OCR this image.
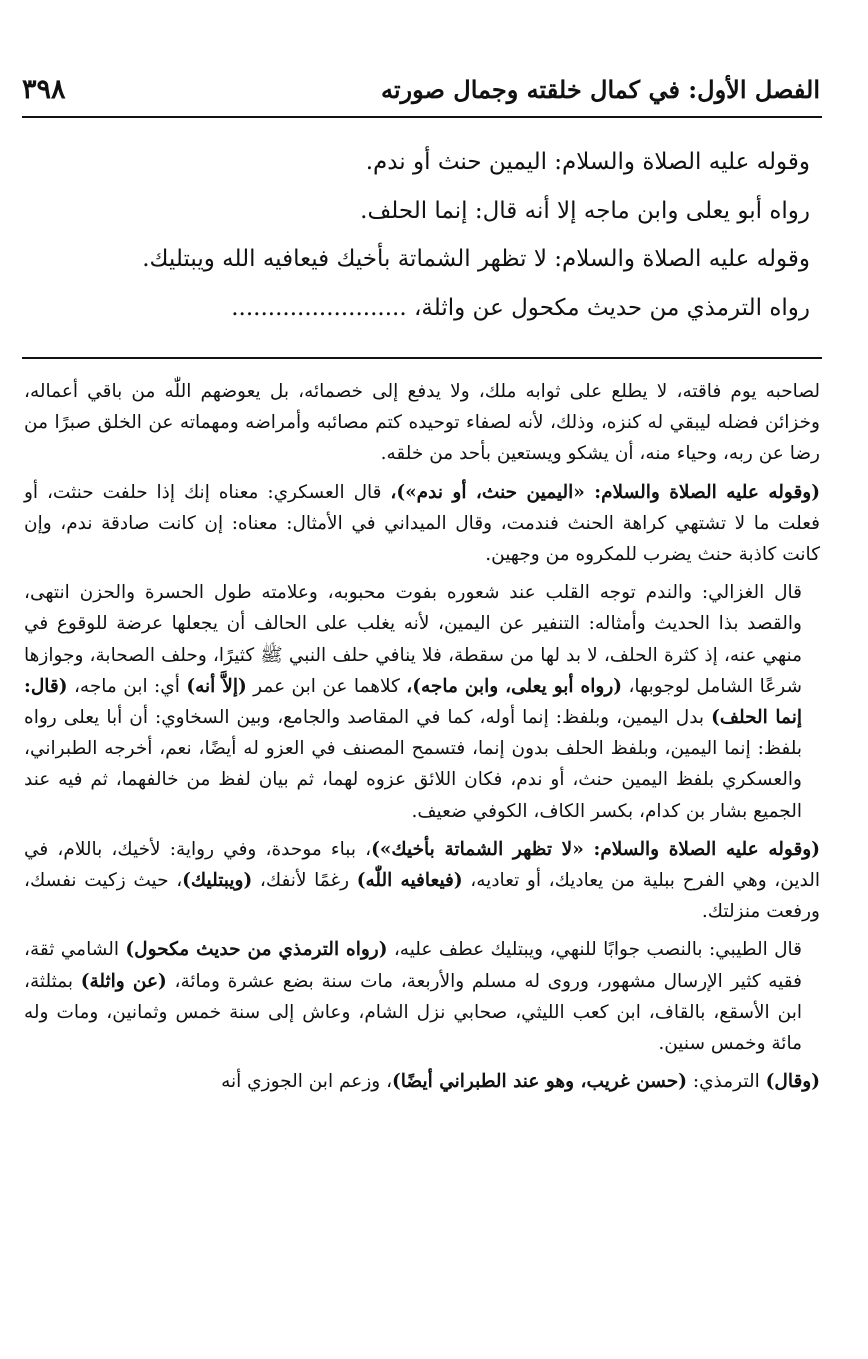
الفصل الأول: في كمال خلقته وجمال صورته
٣٩٨
وقوله عليه الصلاة والسلام: اليمين حنث أو ندم.
رواه أبو يعلى وابن ماجه إلا أنه قال: إنما الحلف.
وقوله عليه الصلاة والسلام: لا تظهر الشماتة بأخيك فيعافيه الله ويبتليك.
رواه الترمذي من حديث مكحول عن واثلة، ........................

لصاحبه يوم فاقته، لا يطلع على ثوابه ملك، ولا يدفع إلى خصمائه، بل يعوضهم اللّٰه من باقي أعماله، وخزائن فضله ليبقي له كنزه، وذلك، لأنه لصفاء توحيده كتم مصائبه وأمراضه ومهماته عن الخلق صبرًا من رضا عن ربه، وحياء منه، أن يشكو ويستعين بأحد من خلقه.

(وقوله عليه الصلاة والسلام: «اليمين حنث، أو ندم»)، قال العسكري: معناه إنك إذا حلفت حنثت، أو فعلت ما لا تشتهي كراهة الحنث فندمت، وقال الميداني في الأمثال: معناه: إن كانت صادقة ندم، وإن كانت كاذبة حنث يضرب للمكروه من وجهين.

قال الغزالي: والندم توجه القلب عند شعوره بفوت محبوبه، وعلامته طول الحسرة والحزن انتهى، والقصد بذا الحديث وأمثاله: التنفير عن اليمين، لأنه يغلب على الحالف أن يجعلها عرضة للوقوع في منهي عنه، إذ كثرة الحلف، لا بد لها من سقطة، فلا ينافي حلف النبي ﷺ كثيرًا، وحلف الصحابة، وجوازها شرعًا الشامل لوجوبها، (رواه أبو يعلى، وابن ماجه)، كلاهما عن ابن عمر (إلاَّ أنه) أي: ابن ماجه، (قال: إنما الحلف) بدل اليمين، وبلفظ: إنما أوله، كما في المقاصد والجامع، وبين السخاوي: أن أبا يعلى رواه بلفظ: إنما اليمين، وبلفظ الحلف بدون إنما، فتسمح المصنف في العزو له أيضًا، نعم، أخرجه الطبراني، والعسكري بلفظ اليمين حنث، أو ندم، فكان اللائق عزوه لهما، ثم بيان لفظ من خالفهما، ثم فيه عند الجميع بشار بن كدام، بكسر الكاف، الكوفي ضعيف.

(وقوله عليه الصلاة والسلام: «لا تظهر الشماتة بأخيك»)، بباء موحدة، وفي رواية: لأخيك، باللام، في الدين، وهي الفرح ببلية من يعاديك، أو تعاديه، (فيعافيه اللّٰه) رغمًا لأنفك، (ويبتليك)، حيث زكيت نفسك، ورفعت منزلتك.

قال الطيبي: بالنصب جوابًا للنهي، ويبتليك عطف عليه، (رواه الترمذي من حديث مكحول) الشامي ثقة، فقيه كثير الإرسال مشهور، وروى له مسلم والأربعة، مات سنة بضع عشرة ومائة، (عن واثلة) بمثلثة، ابن الأسقع، بالقاف، ابن كعب الليثي، صحابي نزل الشام، وعاش إلى سنة خمس وثمانين، ومات وله مائة وخمس سنين.

(وقال) الترمذي: (حسن غريب، وهو عند الطبراني أيضًا)، وزعم ابن الجوزي أنه
